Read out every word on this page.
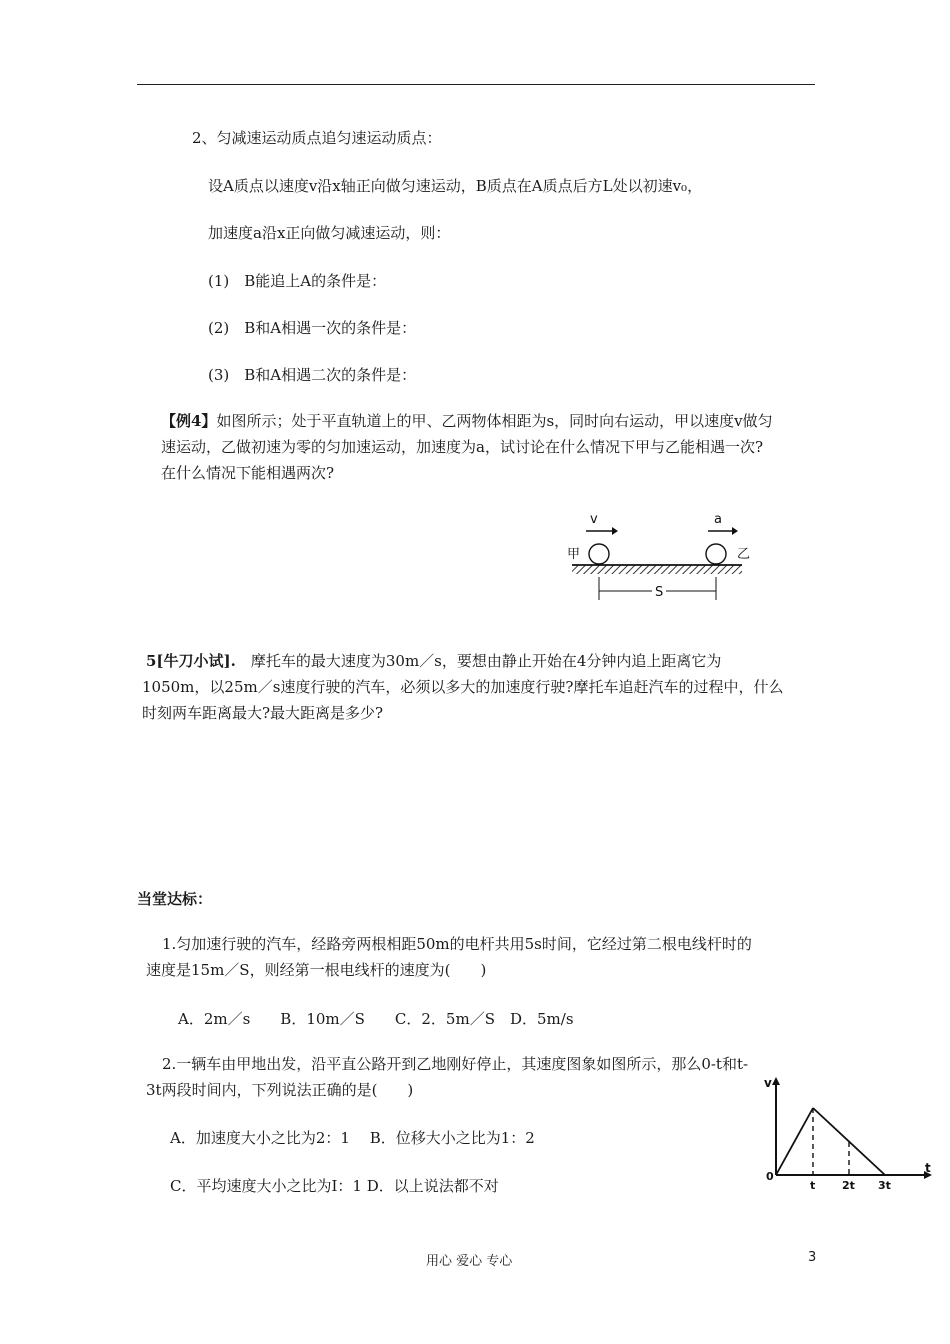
2、匀减速运动质点追匀速运动质点：
设A质点以速度v沿x轴正向做匀速运动，B质点在A质点后方L处以初速v₀，
加速度a沿x正向做匀减速运动，则：
(1)　B能追上A的条件是：
(2)　B和A相遇一次的条件是：
(3)　B和A相遇二次的条件是：
【例4】如图所示；处于平直轨道上的甲、乙两物体相距为s，同时向右运动，甲以速度v做匀
速运动，乙做初速为零的匀加速运动，加速度为a，试讨论在什么情况下甲与乙能相遇一次?
在什么情况下能相遇两次?
v	a
甲	乙
S
5[牛刀小试].　 摩托车的最大速度为30m／s，要想由静止开始在4分钟内追上距离它为
1050m，以25m／s速度行驶的汽车，必须以多大的加速度行驶?摩托车追赶汽车的过程中，什么
时刻两车距离最大?最大距离是多少?
当堂达标：
1.匀加速行驶的汽车，经路旁两根相距50m的电杆共用5s时间，它经过第二根电线杆时的
速度是15m／S，则经第一根电线杆的速度为(　　)
A．2m／s　　B．10m／S　　C．2．5m／S　D．5m/s
2.一辆车由甲地出发，沿平直公路开到乙地刚好停止，其速度图象如图所示，那么0-t和t-
3t两段时间内，下列说法正确的是(　　)
A．加速度大小之比为2：1　 B．位移大小之比为1：2
C．平均速度大小之比为I：1 D．以上说法都不对
v
t
0
t 2t 3t
用心 爱心 专心	3
